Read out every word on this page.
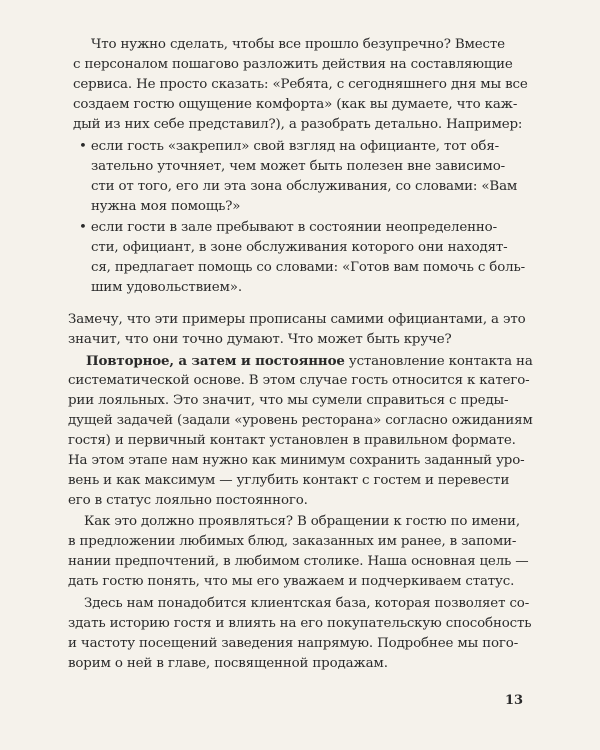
Что нужно сделать, чтобы все прошло безупречно? Вместе
с персоналом пошагово разложить действия на составляющие
сервиса. Не просто сказать: «Ребята, с сегодняшнего дня мы все
создаем гостю ощущение комфорта» (как вы думаете, что каж-
дый из них себе представил?), а разобрать детально. Например:
• если гость «закрепил» свой взгляд на официанте, тот обя-
зательно уточняет, чем может быть полезен вне зависимо-
сти от того, его ли эта зона обслуживания, со словами: «Вам
нужна моя помощь?»
• если гости в зале пребывают в состоянии неопределенно-
сти, официант, в зоне обслуживания которого они находят-
ся, предлагает помощь со словами: «Готов вам помочь с боль-
шим удовольствием».
Замечу, что эти примеры прописаны самими официантами, а это
значит, что они точно думают. Что может быть круче?
Повторное, а затем и постоянное установление контакта на
систематической основе. В этом случае гость относится к катего-
рии лояльных. Это значит, что мы сумели справиться с преды-
дущей задачей (задали «уровень ресторана» согласно ожиданиям
гостя) и первичный контакт установлен в правильном формате.
На этом этапе нам нужно как минимум сохранить заданный уро-
вень и как максимум — углубить контакт с гостем и перевести
его в статус лояльно постоянного.
Как это должно проявляться? В обращении к гостю по имени,
в предложении любимых блюд, заказанных им ранее, в запоми-
нании предпочтений, в любимом столике. Наша основная цель —
дать гостю понять, что мы его уважаем и подчеркиваем статус.
Здесь нам понадобится клиентская база, которая позволяет со-
здать историю гостя и влиять на его покупательскую способность
и частоту посещений заведения напрямую. Подробнее мы пого-
ворим о ней в главе, посвященной продажам.
13
